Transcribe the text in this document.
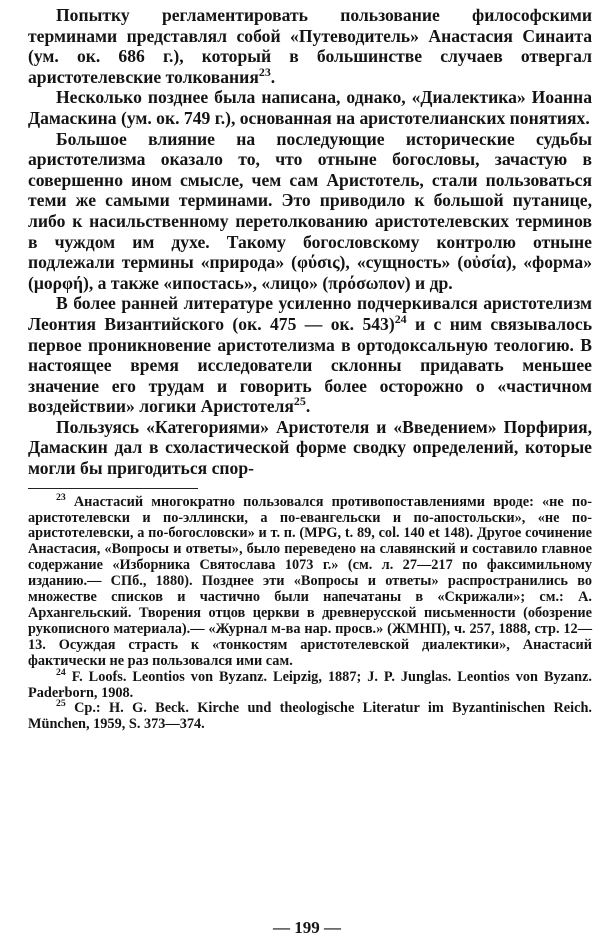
Попытку регламентировать пользование философскими терминами представлял собой «Путеводитель» Анастасия Синаита (ум. ок. 686 г.), который в большинстве случаев отвергал аристотелевские толкования$^{23}$.

Несколько позднее была написана, однако, «Диалектика» Иоанна Дамаскина (ум. ок. 749 г.), основанная на аристотелианских понятиях.

Большое влияние на последующие исторические судьбы аристотелизма оказало то, что отныне богословы, зачастую в совершенно ином смысле, чем сам Аристотель, стали пользоваться теми же самыми терминами. Это приводило к большой путанице, либо к насильственному перетолкованию аристотелевских терминов в чуждом им духе. Такому богословскому контролю отныне подлежали термины «природа» (φύσις), «сущность» (οὐσία), «форма» (μορφή), а также «ипостась», «лицо» (πρόσωπον) и др.

В более ранней литературе усиленно подчеркивался аристотелизм Леонтия Византийского (ок. 475 — ок. 543)$^{24}$ и с ним связывалось первое проникновение аристотелизма в ортодоксальную теологию. В настоящее время исследователи склонны придавать меньшее значение его трудам и говорить более осторожно о «частичном воздействии» логики Аристотеля$^{25}$.

Пользуясь «Категориями» Аристотеля и «Введением» Порфирия, Дамаскин дал в схоластической форме сводку определений, которые могли бы пригодиться спор-

$^{23}$ Анастасий многократно пользовался противопоставлениями вроде: «не по-аристотелевски и по-эллински, а по-евангельски и по-апостольски», «не по-аристотелевски, а по-богословски» и т. п. (MPG, t. 89, col. 140 et 148). Другое сочинение Анастасия, «Вопросы и ответы», было переведено на славянский и составило главное содержание «Изборника Святослава 1073 г.» (см. л. 27—217 по факсимильному изданию.— СПб., 1880). Позднее эти «Вопросы и ответы» распространились во множестве списков и частично были напечатаны в «Скрижали»; см.: А. Архангельский. Творения отцов церкви в древнерусской письменности (обозрение рукописного материала).— «Журнал м-ва нар. просв.» (ЖМНП), ч. 257, 1888, стр. 12—13. Осуждая страсть к «тонкостям аристотелевской диалектики», Анастасий фактически не раз пользовался ими сам.

$^{24}$ F. Loofs. Leontios von Byzanz. Leipzig, 1887; J. P. Junglas. Leontios von Byzanz. Paderborn, 1908.

$^{25}$ Ср.: H. G. Beck. Kirche und theologische Literatur im Byzantinischen Reich. München, 1959, S. 373—374.

— 199 —
